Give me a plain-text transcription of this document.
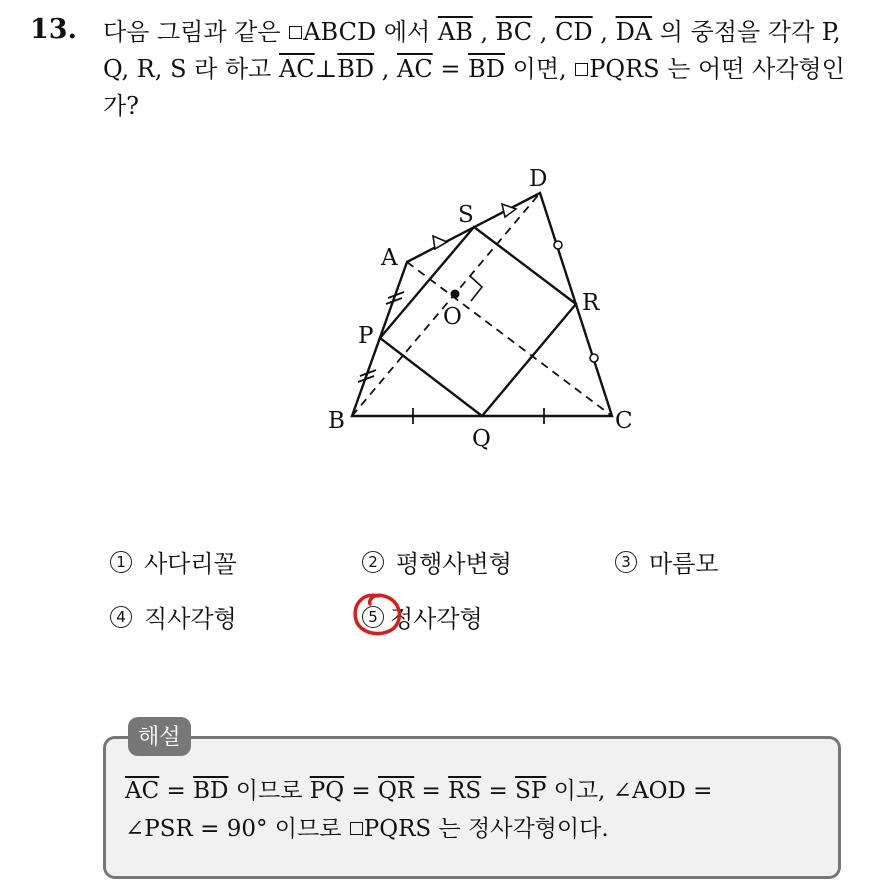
13. 다음 그림과 같은 ABCD 에서 $\overline{AB}$ , $\overline{BC}$ , $\overline{CD}$ , $\overline{DA}$ 의 중점을 각각 P, Q, R, S 라 하고 $\overline{AC}\perp\overline{BD}$ , $\overline{AC} = \overline{BD}$ 이면, PQRS 는 어떤 사각형인가?
A
B	C
D
P
Q
R
S
O
1 사다리꼴	2 평행사변형	3 마름모
4 직사각형	5 정사각형
해설
$\overline{AC} = \overline{BD}$ 이므로 $\overline{PQ} = \overline{QR} = \overline{RS} = \overline{SP}$ 이고, ∠AOD =
∠PSR = 90° 이므로 PQRS 는 정사각형이다.
